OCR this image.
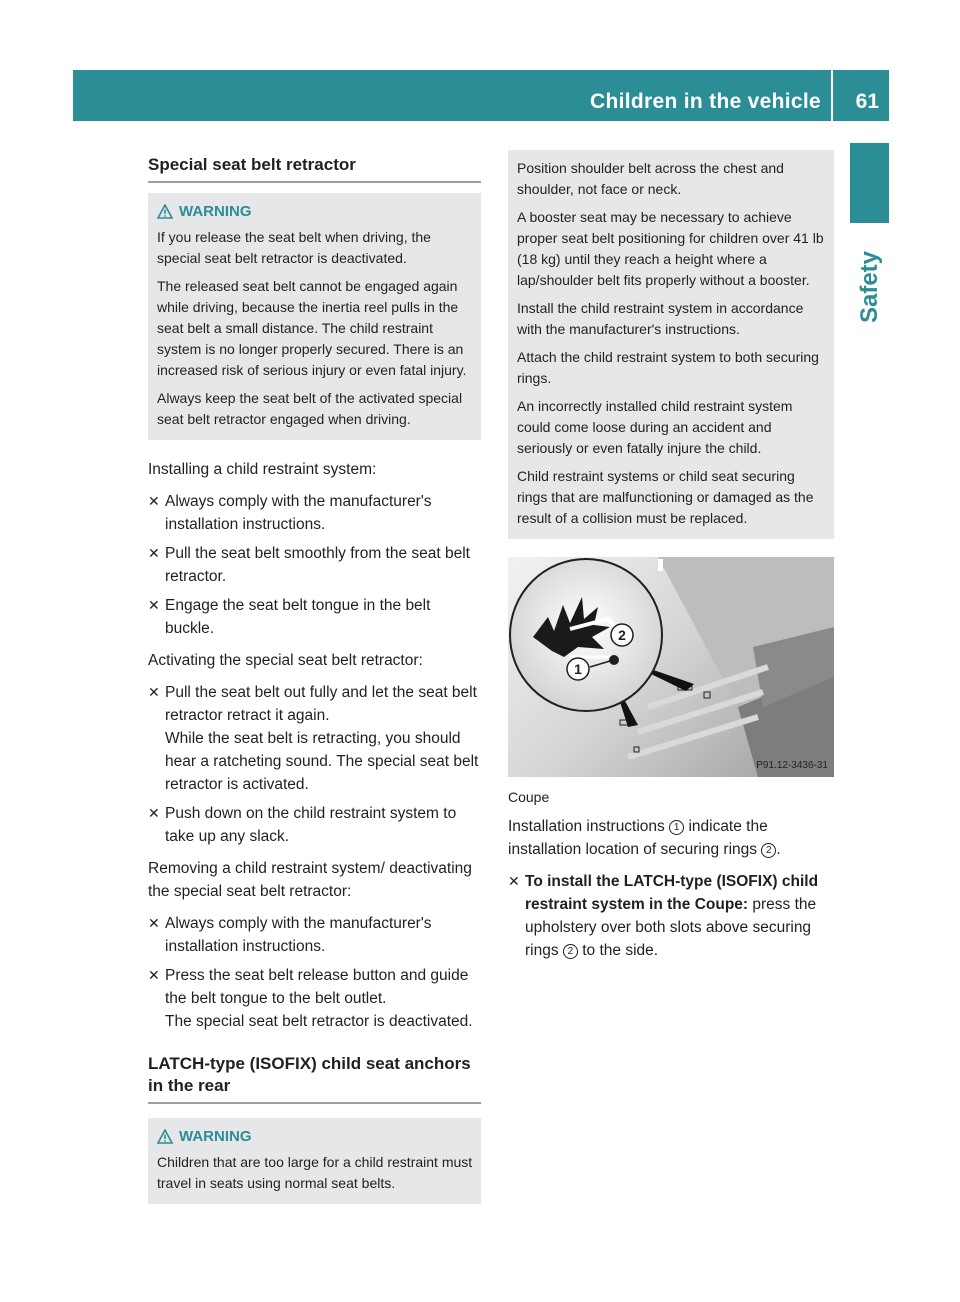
Children in the vehicle 61
Safety
Special seat belt retractor
WARNING

If you release the seat belt when driving, the special seat belt retractor is deactivated.

The released seat belt cannot be engaged again while driving, because the inertia reel pulls in the seat belt a small distance. The child restraint system is no longer properly secured. There is an increased risk of serious injury or even fatal injury.

Always keep the seat belt of the activated special seat belt retractor engaged when driving.

Installing a child restraint system:

✕ Always comply with the manufacturer's installation instructions.
✕ Pull the seat belt smoothly from the seat belt retractor.
✕ Engage the seat belt tongue in the belt buckle.

Activating the special seat belt retractor:

✕ Pull the seat belt out fully and let the seat belt retractor retract it again.
While the seat belt is retracting, you should hear a ratcheting sound. The special seat belt retractor is activated.
✕ Push down on the child restraint system to take up any slack.

Removing a child restraint system/ deactivating the special seat belt retractor:

✕ Always comply with the manufacturer's installation instructions.
✕ Press the seat belt release button and guide the belt tongue to the belt outlet.
The special seat belt retractor is deactivated.
LATCH-type (ISOFIX) child seat anchors in the rear
WARNING

Children that are too large for a child restraint must travel in seats using normal seat belts.

Position shoulder belt across the chest and shoulder, not face or neck.

A booster seat may be necessary to achieve proper seat belt positioning for children over 41 lb (18 kg) until they reach a height where a lap/shoulder belt fits properly without a booster.

Install the child restraint system in accordance with the manufacturer's instructions.

Attach the child restraint system to both securing rings.

An incorrectly installed child restraint system could come loose during an accident and seriously or even fatally injure the child.

Child restraint systems or child seat securing rings that are malfunctioning or damaged as the result of a collision must be replaced.

1
2
P91.12-3436-31
Coupe

Installation instructions 1 indicate the installation location of securing rings 2 .

✕ To install the LATCH-type (ISOFIX) child restraint system in the Coupe: press the upholstery over both slots above securing rings 2 to the side.
